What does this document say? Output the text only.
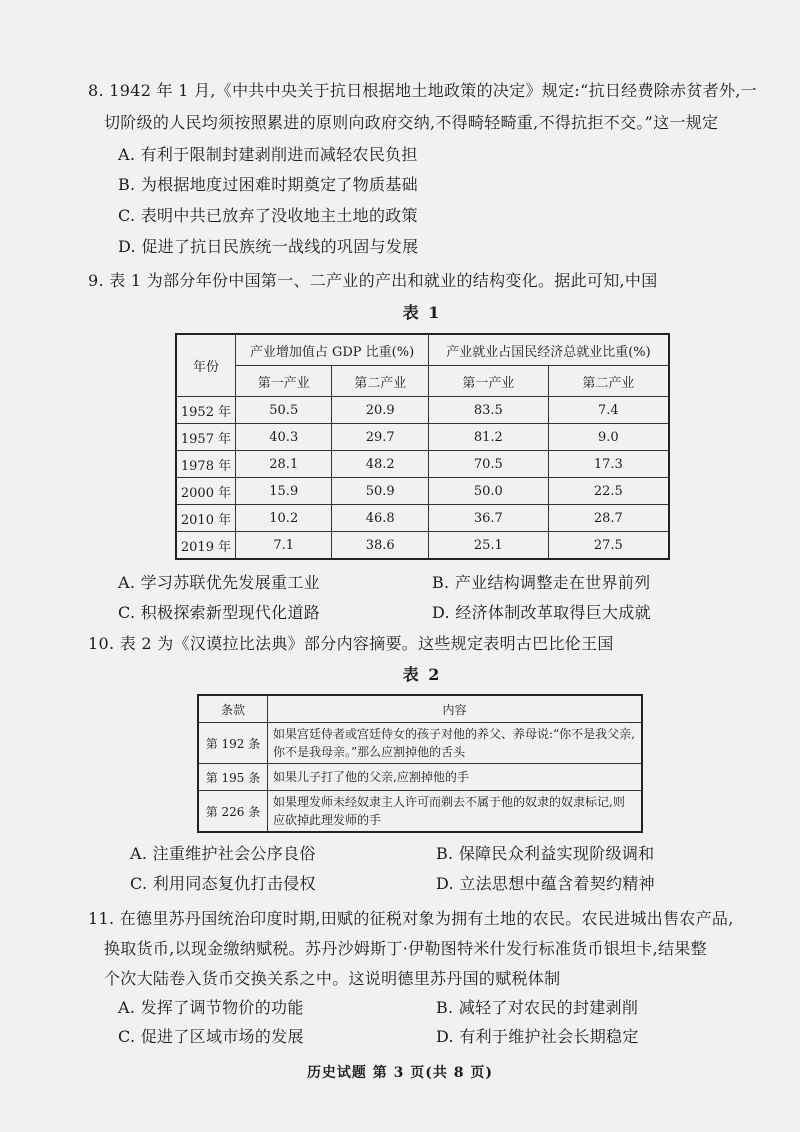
8. 1942 年 1 月,《中共中央关于抗日根据地土地政策的决定》规定:“抗日经费除赤贫者外,一
切阶级的人民均须按照累进的原则向政府交纳,不得畸轻畸重,不得抗拒不交。”这一规定
A. 有利于限制封建剥削进而减轻农民负担
B. 为根据地度过困难时期奠定了物质基础
C. 表明中共已放弃了没收地主土地的政策
D. 促进了抗日民族统一战线的巩固与发展
9. 表 1 为部分年份中国第一、二产业的产出和就业的结构变化。据此可知,中国
表 1
年份	产业增加值占 GDP 比重(%)		产业就业占国民经济总就业比重(%)	
	第一产业	第二产业	第一产业	第二产业
1952 年	50.5	20.9	83.5	7.4
1957 年	40.3	29.7	81.2	9.0
1978 年	28.1	48.2	70.5	17.3
2000 年	15.9	50.9	50.0	22.5
2010 年	10.2	46.8	36.7	28.7
2019 年	7.1	38.6	25.1	27.5
A. 学习苏联优先发展重工业	B. 产业结构调整走在世界前列
C. 积极探索新型现代化道路	D. 经济体制改革取得巨大成就
10. 表 2 为《汉谟拉比法典》部分内容摘要。这些规定表明古巴比伦王国
表 2
条款	内容
第 192 条	如果宫廷侍者或宫廷侍女的孩子对他的养父、养母说:“你不是我父亲,你不是我母亲。”那么应割掉他的舌头
第 195 条	如果儿子打了他的父亲,应割掉他的手
第 226 条	如果理发师未经奴隶主人许可而剃去不属于他的奴隶的奴隶标记,则应砍掉此理发师的手
A. 注重维护社会公序良俗	B. 保障民众利益实现阶级调和
C. 利用同态复仇打击侵权	D. 立法思想中蕴含着契约精神
11. 在德里苏丹国统治印度时期,田赋的征税对象为拥有土地的农民。农民进城出售农产品,
换取货币,以现金缴纳赋税。苏丹沙姆斯丁·伊勒图特米什发行标准货币银坦卡,结果整
个次大陆卷入货币交换关系之中。这说明德里苏丹国的赋税体制
A. 发挥了调节物价的功能	B. 减轻了对农民的封建剥削
C. 促进了区域市场的发展	D. 有利于维护社会长期稳定
历史试题 第 3 页(共 8 页)
